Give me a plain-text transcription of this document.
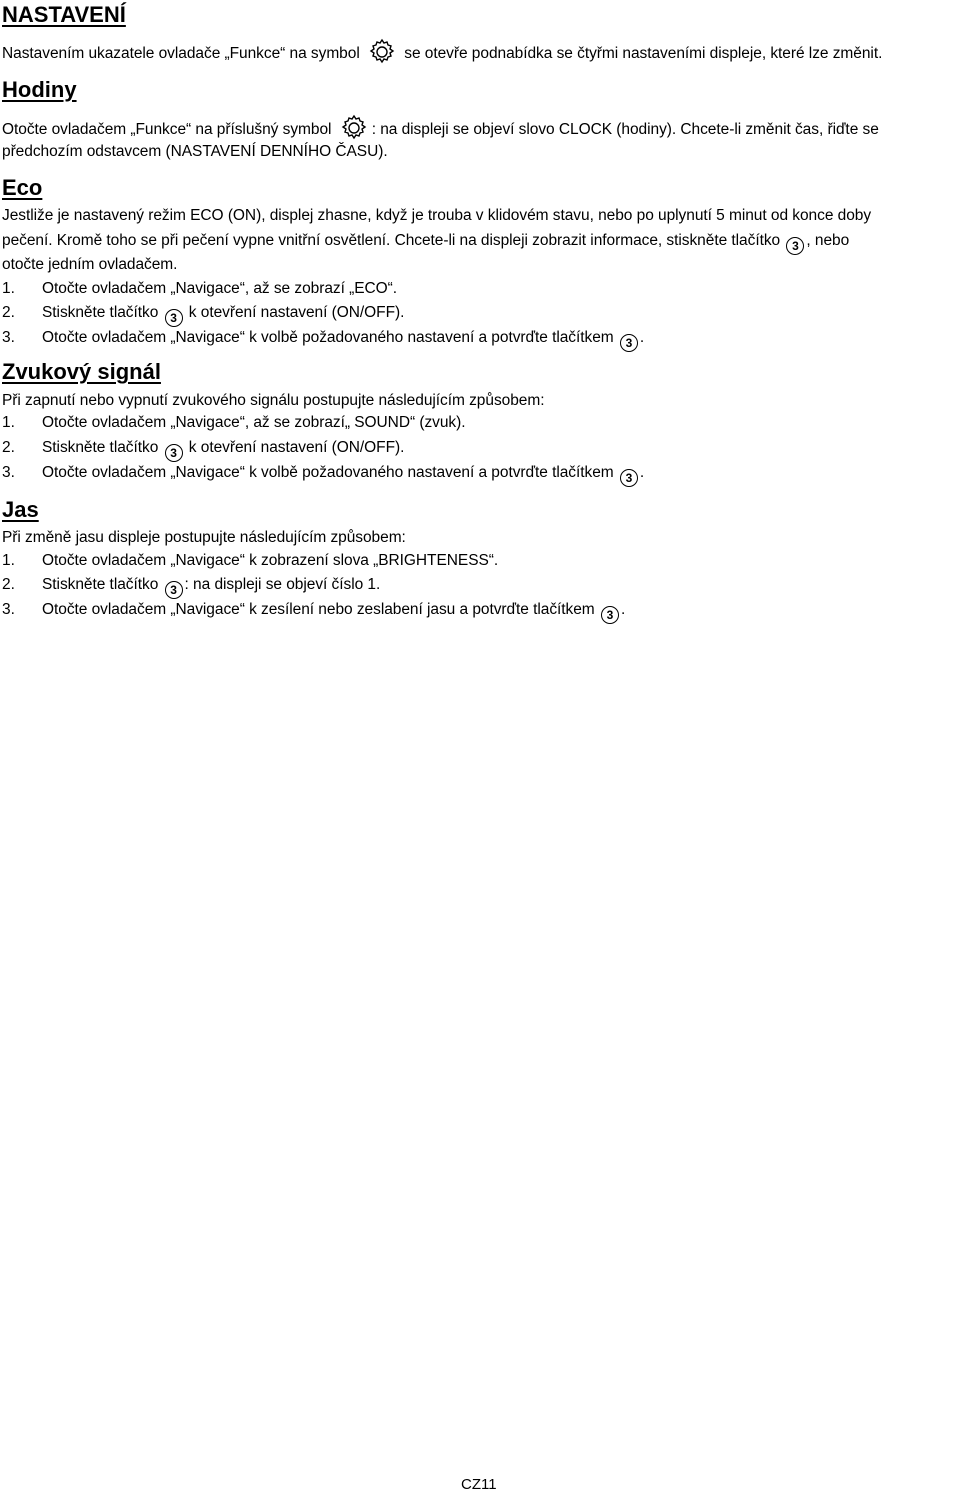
NASTAVENÍ
Nastavením ukazatele ovladače „Funkce“ na symbol	se otevře podnabídka se čtyřmi nastaveními displeje, které lze změnit.
Hodiny
Otočte ovladačem „Funkce“ na příslušný symbol	: na displeji se objeví slovo CLOCK (hodiny). Chcete-li změnit čas, řiďte se
předchozím odstavcem (NASTAVENÍ DENNÍHO ČASU).
Eco
Jestliže je nastavený režim ECO (ON), displej zhasne, když je trouba v klidovém stavu, nebo po uplynutí 5 minut od konce doby
pečení. Kromě toho se při pečení vypne vnitřní osvětlení. Chcete-li na displeji zobrazit informace, stiskněte tlačítko 3 , nebo
otočte jedním ovladačem.
1. Otočte ovladačem „Navigace“, až se zobrazí „ECO“.
2. Stiskněte tlačítko 3 k otevření nastavení (ON/OFF).
3. Otočte ovladačem „Navigace“ k volbě požadovaného nastavení a potvrďte tlačítkem 3 .
Zvukový signál
Při zapnutí nebo vypnutí zvukového signálu postupujte následujícím způsobem:
1. Otočte ovladačem „Navigace“, až se zobrazí„ SOUND“ (zvuk).
2. Stiskněte tlačítko 3 k otevření nastavení (ON/OFF).
3. Otočte ovladačem „Navigace“ k volbě požadovaného nastavení a potvrďte tlačítkem 3 .
Jas
Při změně jasu displeje postupujte následujícím způsobem:
1. Otočte ovladačem „Navigace“ k zobrazení slova „BRIGHTENESS“.
2. Stiskněte tlačítko 3 : na displeji se objeví číslo 1.
3. Otočte ovladačem „Navigace“ k zesílení nebo zeslabení jasu a potvrďte tlačítkem 3 .
CZ11
